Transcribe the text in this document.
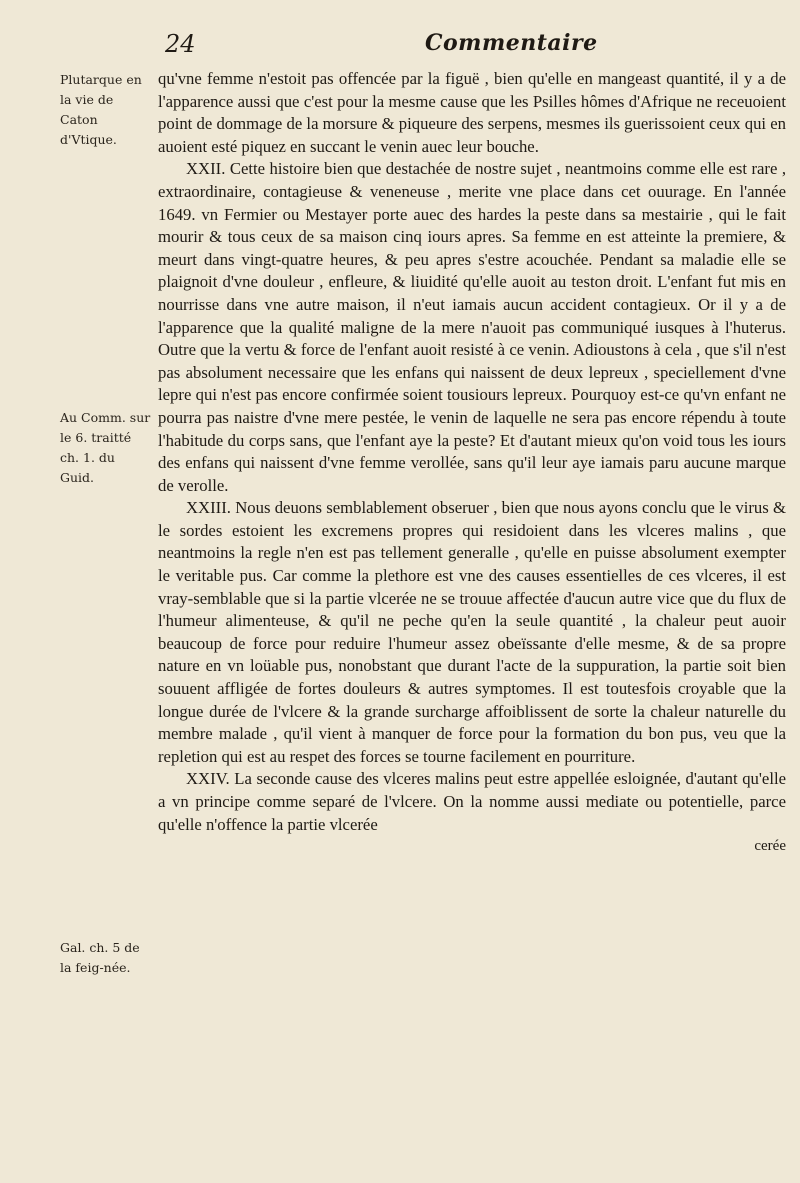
24	Commentaire
Plutarque en la vie de Caton d'Vtique.
Au Comm. sur le 6. traitté ch. 1. du Guid.
Gal. ch. 5 de la feig-née.

qu'vne femme n'estoit pas offencée par la figuë , bien qu'elle en mangeast quantité, il y a de l'apparence aussi que c'est pour la mesme cause que les Psilles hômes d'Afrique ne receuoient point de dommage de la morsure & piqueure des serpens, mesmes ils guerissoient ceux qui en auoient esté piquez en succant le venin auec leur bouche.

XXII. Cette histoire bien que destachée de nostre sujet , neantmoins comme elle est rare , extraordinaire, contagieuse & veneneuse , merite vne place dans cet ouurage. En l'année 1649. vn Fermier ou Mestayer porte auec des hardes la peste dans sa mestairie , qui le fait mourir & tous ceux de sa maison cinq iours apres. Sa femme en est atteinte la premiere, & meurt dans vingt-quatre heures, & peu apres s'estre acouchée. Pendant sa maladie elle se plaignoit d'vne douleur , enfleure, & liuidité qu'elle auoit au teston droit. L'enfant fut mis en nourrisse dans vne autre maison, il n'eut iamais aucun accident contagieux. Or il y a de l'apparence que la qualité maligne de la mere n'auoit pas communiqué iusques à l'huterus. Outre que la vertu & force de l'enfant auoit resisté à ce venin. Adioustons à cela , que s'il n'est pas absolument necessaire que les enfans qui naissent de deux lepreux , speciellement d'vne lepre qui n'est pas encore confirmée soient tousiours lepreux. Pourquoy est-ce qu'vn enfant ne pourra pas naistre d'vne mere pestée, le venin de laquelle ne sera pas encore répendu à toute l'habitude du corps sans, que l'enfant aye la peste? Et d'autant mieux qu'on void tous les iours des enfans qui naissent d'vne femme verollée, sans qu'il leur aye iamais paru aucune marque de verolle.

XXIII. Nous deuons semblablement obseruer , bien que nous ayons conclu que le virus & le sordes estoient les excremens propres qui residoient dans les vlceres malins , que neantmoins la regle n'en est pas tellement generalle , qu'elle en puisse absolument exempter le veritable pus. Car comme la plethore est vne des causes essentielles de ces vlceres, il est vray-semblable que si la partie vlcerée ne se trouue affectée d'aucun autre vice que du flux de l'humeur alimenteuse, & qu'il ne peche qu'en la seule quantité , la chaleur peut auoir beaucoup de force pour reduire l'humeur assez obeïssante d'elle mesme, & de sa propre nature en vn loüable pus, nonobstant que durant l'acte de la suppuration, la partie soit bien souuent affligée de fortes douleurs & autres symptomes. Il est toutesfois croyable que la longue durée de l'vlcere & la grande surcharge affoiblissent de sorte la chaleur naturelle du membre malade , qu'il vient à manquer de force pour la formation du bon pus, veu que la repletion qui est au respet des forces se tourne facilement en pourriture.

XXIV. La seconde cause des vlceres malins peut estre appellée esloignée, d'autant qu'elle a vn principe comme separé de l'vlcere. On la nomme aussi mediate ou potentielle, parce qu'elle n'offence la partie vlcerée

cerée
